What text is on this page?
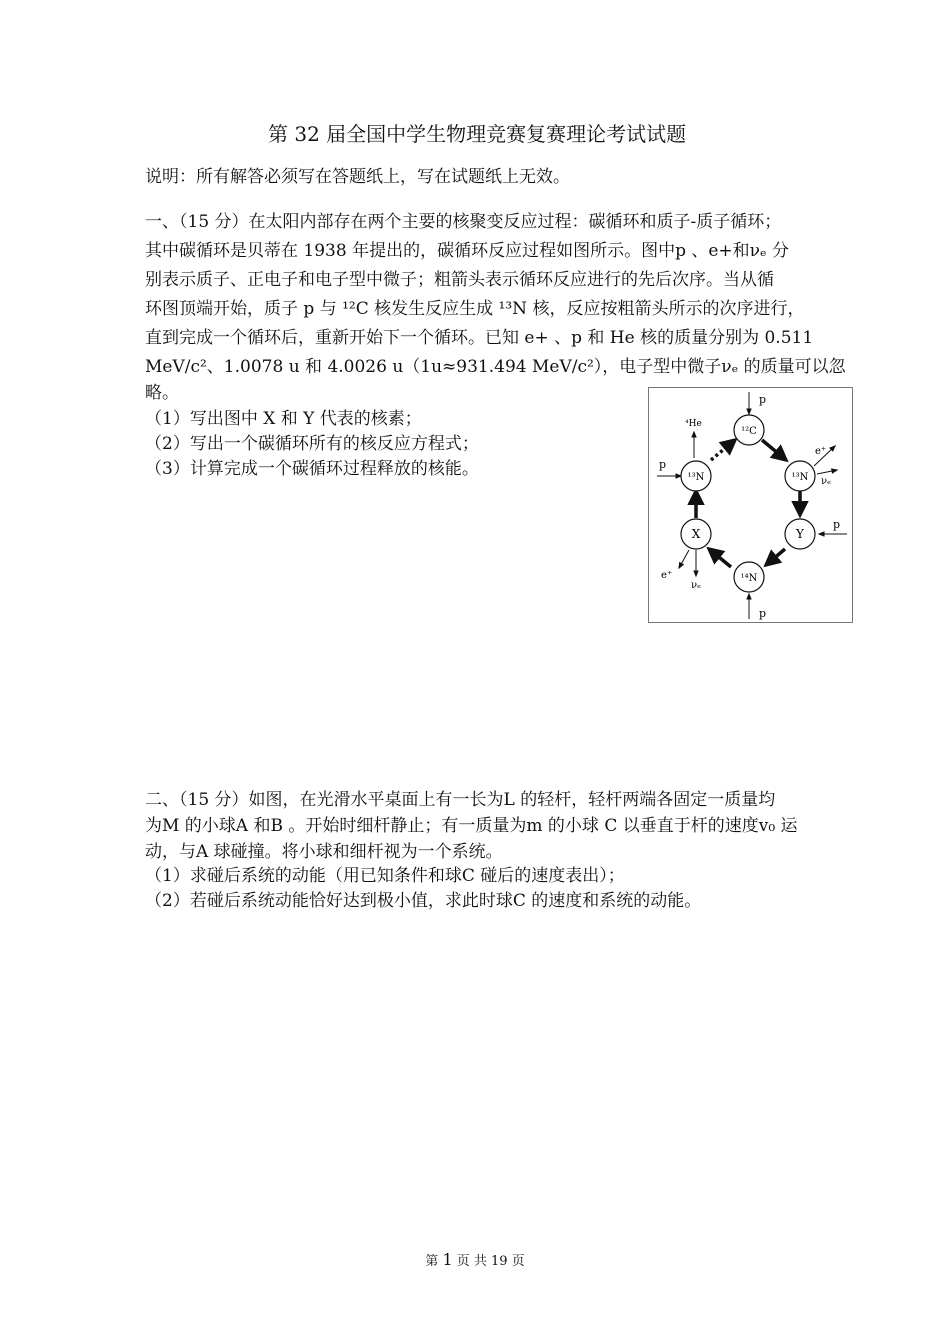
第 32 届全国中学生物理竞赛复赛理论考试试题
说明：所有解答必须写在答题纸上，写在试题纸上无效。
一、（15 分）在太阳内部存在两个主要的核聚变反应过程：碳循环和质子-质子循环；
其中碳循环是贝蒂在 1938 年提出的，碳循环反应过程如图所示。图中p 、e+和νₑ 分
别表示质子、正电子和电子型中微子；粗箭头表示循环反应进行的先后次序。当从循
环图顶端开始，质子 p 与 ¹²C 核发生反应生成 ¹³N 核，反应按粗箭头所示的次序进行，
直到完成一个循环后，重新开始下一个循环。已知 e+ 、p 和 He 核的质量分别为 0.511
MeV/c²、1.0078 u 和 4.0026 u（1u≈931.494 MeV/c²），电子型中微子νₑ 的质量可以忽
略。
（1）写出图中 X 和 Y 代表的核素；
（2）写出一个碳循环所有的核反应方程式；
（3）计算完成一个碳循环过程释放的核能。
¹²C
¹³N	¹³N
X	Y
¹⁴N
p
⁴He
p
e⁺
νₑ
p
p
e⁺
νₑ
二、（15 分）如图，在光滑水平桌面上有一长为L 的轻杆，轻杆两端各固定一质量均
为M 的小球A 和B 。开始时细杆静止；有一质量为m 的小球 C 以垂直于杆的速度v₀ 运
动，与A 球碰撞。将小球和细杆视为一个系统。
（1）求碰后系统的动能（用已知条件和球C 碰后的速度表出）；
（2）若碰后系统动能恰好达到极小值，求此时球C 的速度和系统的动能。
第 1 页 共 19 页
